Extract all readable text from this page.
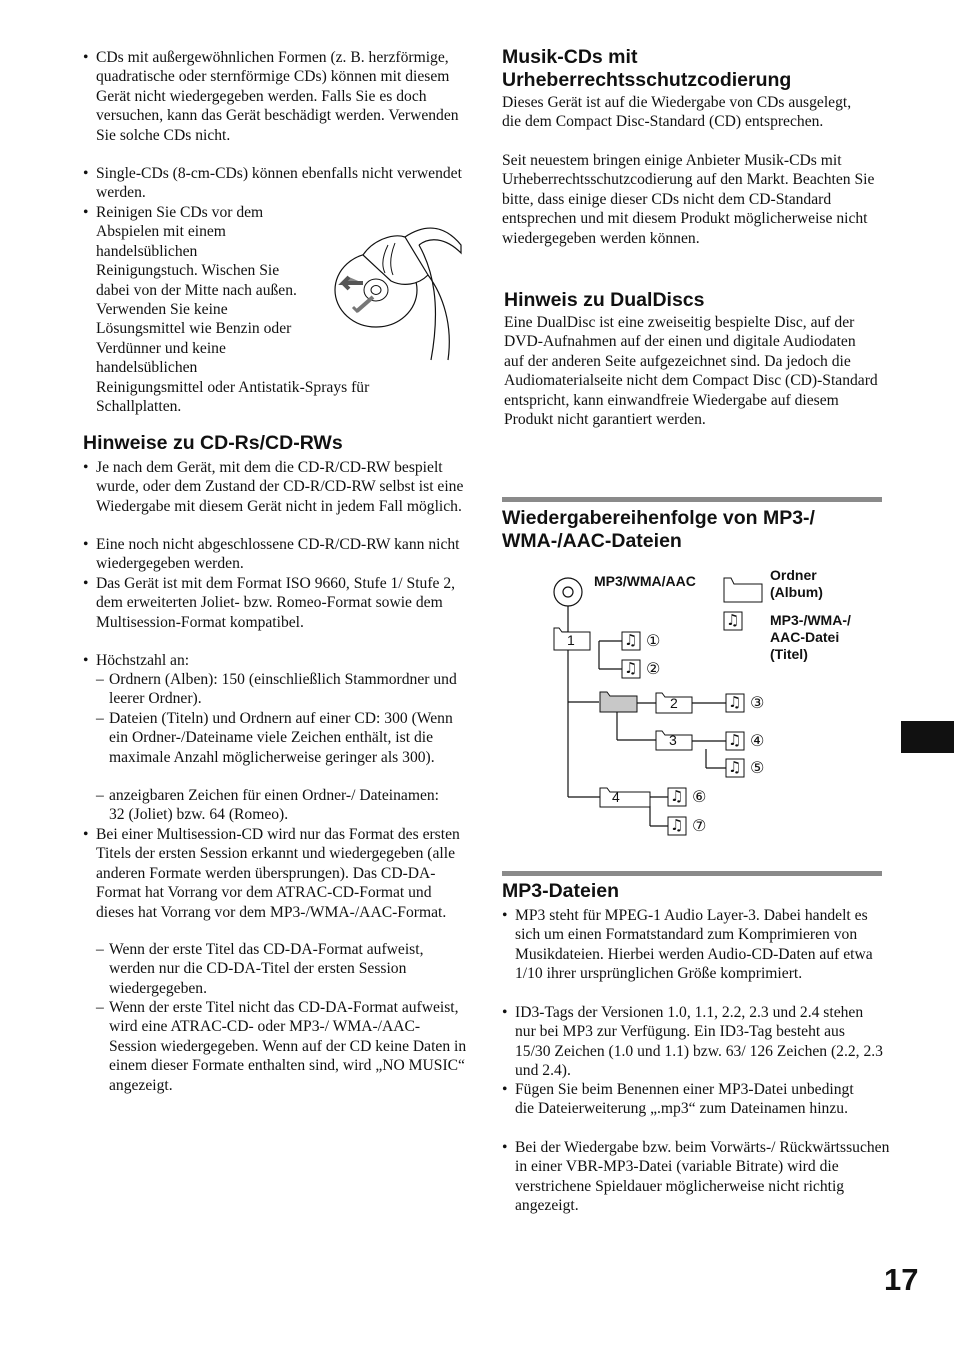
• CDs mit außergewöhnlichen Formen (z. B. herzförmige, quadratische oder sternförmige CDs) können mit diesem Gerät nicht wiedergegeben werden. Falls Sie es doch versuchen, kann das Gerät beschädigt werden. Verwenden Sie solche CDs nicht.
• Single-CDs (8-cm-CDs) können ebenfalls nicht verwendet werden.
• Reinigen Sie CDs vor dem
Abspielen mit einem
handelsüblichen
Reinigungstuch. Wischen Sie
dabei von der Mitte nach außen.
Verwenden Sie keine
Lösungsmittel wie Benzin oder
Verdünner und keine
handelsüblichen
Reinigungsmittel oder Antistatik-Sprays für Schallplatten.
Hinweise zu CD-Rs/CD-RWs
• Je nach dem Gerät, mit dem die CD-R/CD-RW bespielt wurde, oder dem Zustand der CD-R/CD-RW selbst ist eine Wiedergabe mit diesem Gerät nicht in jedem Fall möglich.
• Eine noch nicht abgeschlossene CD-R/CD-RW kann nicht wiedergegeben werden.
• Das Gerät ist mit dem Format ISO 9660, Stufe 1/ Stufe 2, dem erweiterten Joliet- bzw. Romeo-Format sowie dem Multisession-Format kompatibel.
• Höchstzahl an:
– Ordnern (Alben): 150 (einschließlich Stammordner und leerer Ordner).
– Dateien (Titeln) und Ordnern auf einer CD: 300 (Wenn ein Ordner-/Dateiname viele Zeichen enthält, ist die maximale Anzahl möglicherweise geringer als 300).
– anzeigbaren Zeichen für einen Ordner-/ Dateinamen: 32 (Joliet) bzw. 64 (Romeo).
• Bei einer Multisession-CD wird nur das Format des ersten Titels der ersten Session erkannt und wiedergegeben (alle anderen Formate werden übersprungen). Das CD-DA-Format hat Vorrang vor dem ATRAC-CD-Format und dieses hat Vorrang vor dem MP3-/WMA-/AAC-Format.
– Wenn der erste Titel das CD-DA-Format aufweist, werden nur die CD-DA-Titel der ersten Session wiedergegeben.
– Wenn der erste Titel nicht das CD-DA-Format aufweist, wird eine ATRAC-CD- oder MP3-/ WMA-/AAC-Session wiedergegeben. Wenn auf der CD keine Daten in einem dieser Formate enthalten sind, wird „NO MUSIC“ angezeigt.
Musik-CDs mit Urheberrechtsschutzcodierung

Dieses Gerät ist auf die Wiedergabe von CDs ausgelegt, die dem Compact Disc-Standard (CD) entsprechen.

Seit neuestem bringen einige Anbieter Musik-CDs mit Urheberrechtsschutzcodierung auf den Markt. Beachten Sie bitte, dass einige dieser CDs nicht dem CD-Standard entsprechen und mit diesem Produkt möglicherweise nicht wiedergegeben werden können.

Hinweis zu DualDiscs

Eine DualDisc ist eine zweiseitig bespielte Disc, auf der DVD-Aufnahmen auf der einen und digitale Audiodaten auf der anderen Seite aufgezeichnet sind. Da jedoch die Audiomaterialseite nicht dem Compact Disc (CD)-Standard entspricht, kann einwandfreie Wiedergabe auf diesem Produkt nicht garantiert werden.

Wiedergabereihenfolge von MP3-/ WMA-/AAC-Dateien
MP3/WMA/AAC	Ordner
(Album)
MP3-/WMA-/
AAC-Datei
(Titel)
1
2
3
4
♫
♫
♫
♫
♫
♫
♫
♫
①
②
③
④
⑤
⑥
⑦
MP3-Dateien
• MP3 steht für MPEG-1 Audio Layer-3. Dabei handelt es sich um einen Formatstandard zum Komprimieren von Musikdateien. Hierbei werden Audio-CD-Daten auf etwa 1/10 ihrer ursprünglichen Größe komprimiert.
• ID3-Tags der Versionen 1.0, 1.1, 2.2, 2.3 und 2.4 stehen nur bei MP3 zur Verfügung. Ein ID3-Tag besteht aus 15/30 Zeichen (1.0 und 1.1) bzw. 63/ 126 Zeichen (2.2, 2.3 und 2.4).
• Fügen Sie beim Benennen einer MP3-Datei unbedingt die Dateierweiterung „.mp3“ zum Dateinamen hinzu.
• Bei der Wiedergabe bzw. beim Vorwärts-/ Rückwärtssuchen in einer VBR-MP3-Datei (variable Bitrate) wird die verstrichene Spieldauer möglicherweise nicht richtig angezeigt.
17
